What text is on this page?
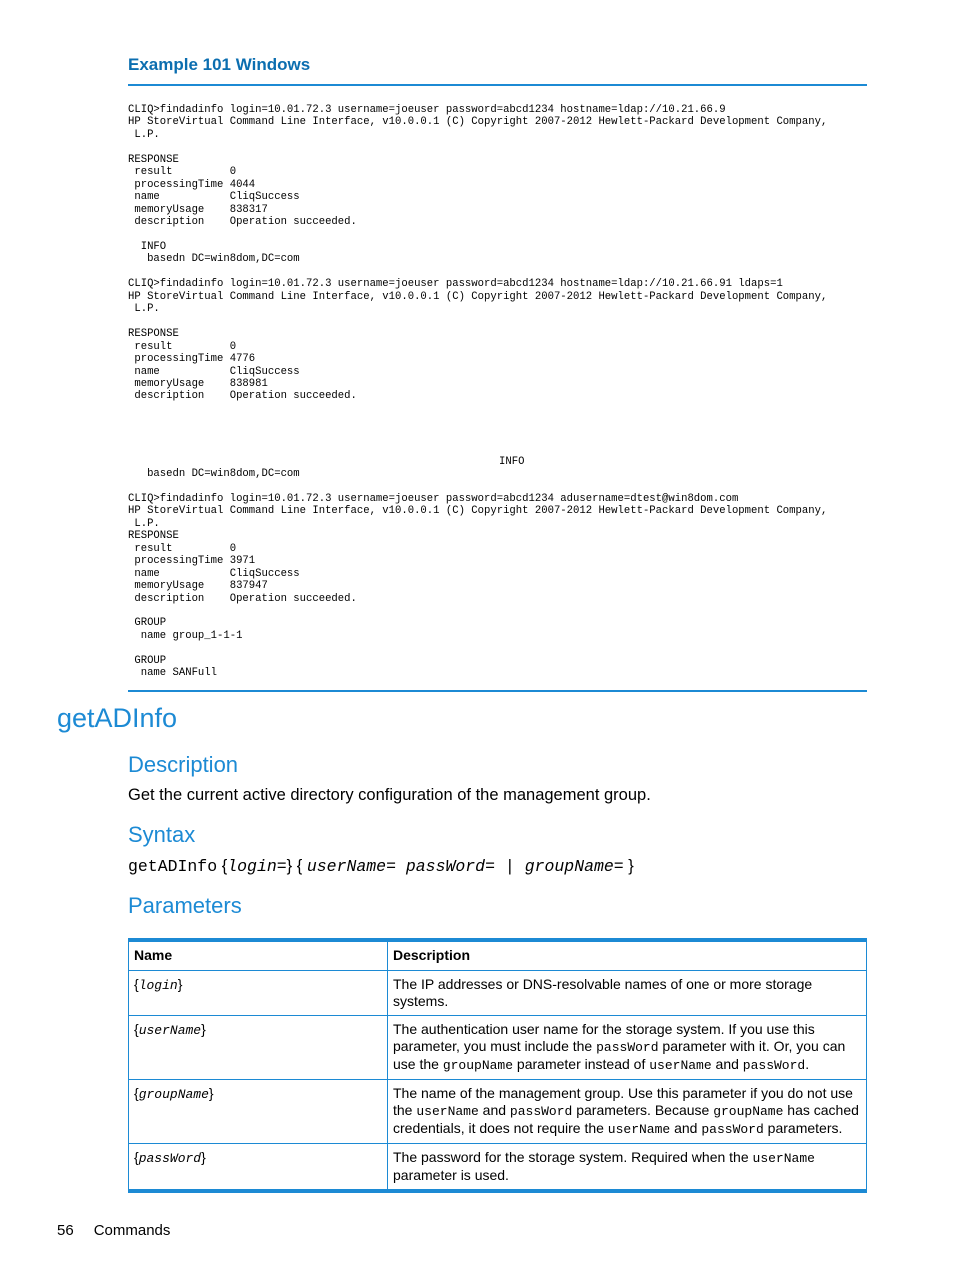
Example 101 Windows
CLIQ>findadinfo login=10.01.72.3 username=joeuser password=abcd1234 hostname=ldap://10.21.66.9
HP StoreVirtual Command Line Interface, v10.0.0.1 (C) Copyright 2007-2012 Hewlett-Packard Development Company,
L.P.

RESPONSE
result         0
processingTime 4044
name           CliqSuccess
memoryUsage    838317
description    Operation succeeded.

INFO
basedn DC=win8dom,DC=com

CLIQ>findadinfo login=10.01.72.3 username=joeuser password=abcd1234 hostname=ldap://10.21.66.91 ldaps=1
HP StoreVirtual Command Line Interface, v10.0.0.1 (C) Copyright 2007-2012 Hewlett-Packard Development Company,
L.P.

RESPONSE
result         0
processingTime 4776
name           CliqSuccess
memoryUsage    838981
description    Operation succeeded.
INFO
basedn DC=win8dom,DC=com

CLIQ>findadinfo login=10.01.72.3 username=joeuser password=abcd1234 adusername=dtest@win8dom.com
HP StoreVirtual Command Line Interface, v10.0.0.1 (C) Copyright 2007-2012 Hewlett-Packard Development Company,
L.P.
RESPONSE
result         0
processingTime 3971
name           CliqSuccess
memoryUsage    837947
description    Operation succeeded.

GROUP
name group_1-1-1

GROUP
name SANFull
getADInfo
Description
Get the current active directory configuration of the management group.
Syntax
getADInfo {login=} { userName= passWord= | groupName= }
Parameters
Name	Description
{login}	The IP addresses or DNS-resolvable names of one or more storage systems.
{userName}	The authentication user name for the storage system. If you use this parameter, you must include the passWord parameter with it. Or, you can use the groupName parameter instead of userName and passWord.
{groupName}	The name of the management group. Use this parameter if you do not use the userName and passWord parameters. Because groupName has cached credentials, it does not require the userName and passWord parameters.
{passWord}	The password for the storage system. Required when the userName parameter is used.
56 Commands
